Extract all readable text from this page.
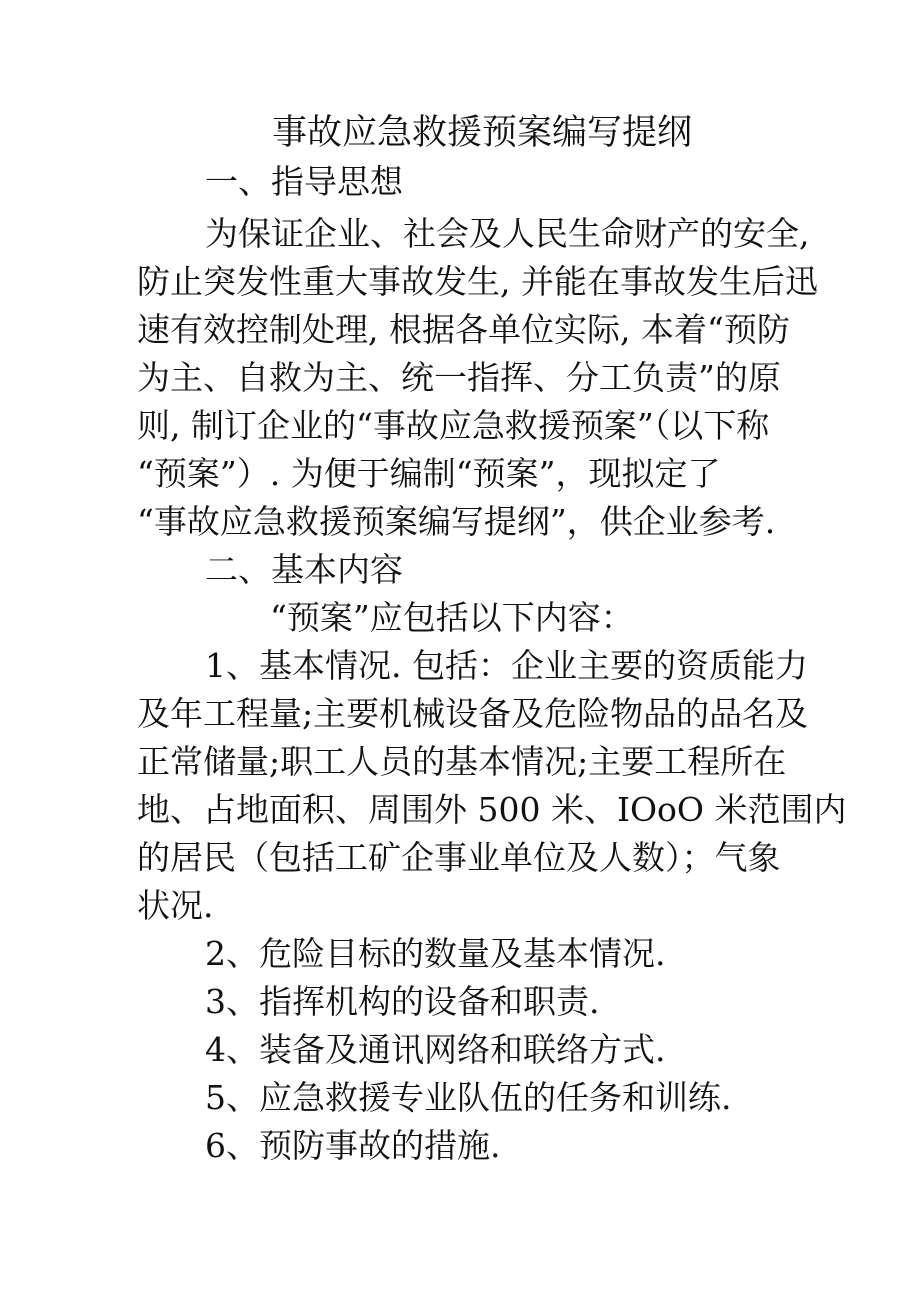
事故应急救援预案编写提纲
一、指导思想
为保证企业、社会及人民生命财产的安全,
防止突发性重大事故发生, 并能在事故发生后迅
速有效控制处理, 根据各单位实际, 本着“预防
为主、自救为主、统一指挥、分工负责”的原
则, 制订企业的“事故应急救援预案”（以下称
“预案”）. 为便于编制“预案”，现拟定了
“事故应急救援预案编写提纲”，供企业参考.
二、基本内容
“预案”应包括以下内容：
1、基本情况. 包括：企业主要的资质能力
及年工程量;主要机械设备及危险物品的品名及
正常储量;职工人员的基本情况;主要工程所在
地、占地面积、周围外 500 米、IOoO 米范围内
的居民（包括工矿企事业单位及人数）；气象
状况.
2、危险目标的数量及基本情况.
3、指挥机构的设备和职责.
4、装备及通讯网络和联络方式.
5、应急救援专业队伍的任务和训练.
6、预防事故的措施.
